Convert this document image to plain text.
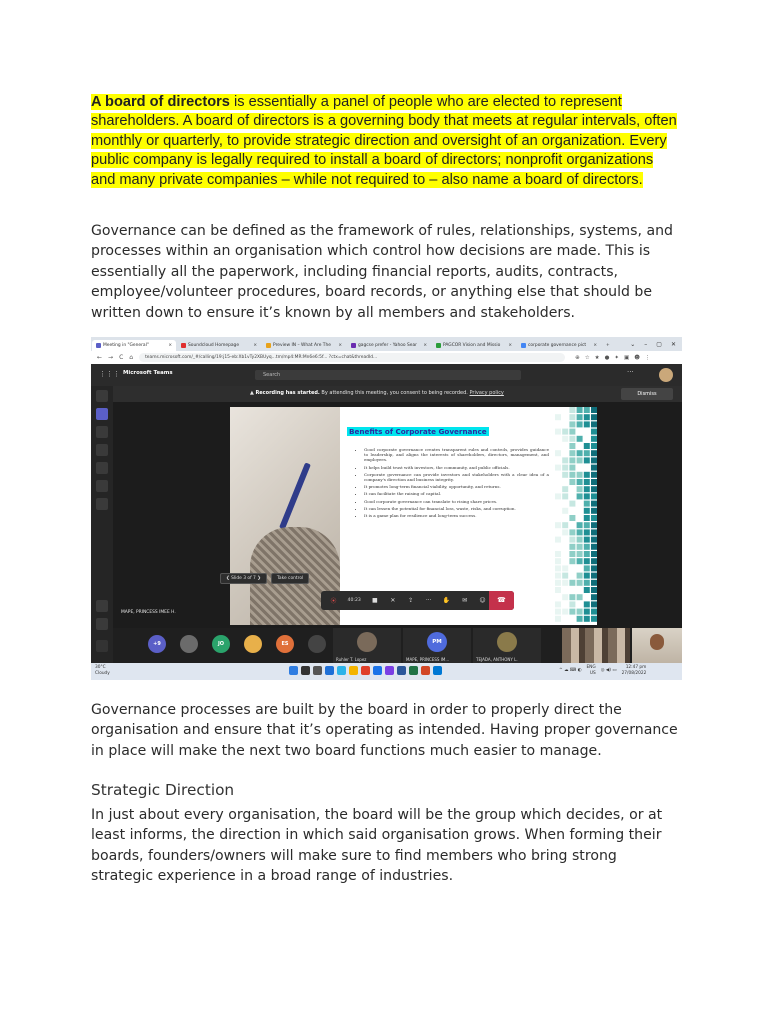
A board of directors is essentially a panel of people who are elected to represent shareholders. A board of directors is a governing body that meets at regular intervals, often monthly or quarterly, to provide strategic direction and oversight of an organization. Every public company is legally required to install a board of directors; nonprofit organizations and many private companies – while not required to – also name a board of directors.
Governance can be defined as the framework of rules, relationships, systems, and processes within an organisation which control how decisions are made. This is essentially all the paperwork, including financial reports, audits, contracts, employee/volunteer procedures, board records, or anything else that should be written down to ensure it’s known by all members and stakeholders.
Meeting in "General"	×	Soundcloud Homepage	×	Preview IN – What Are The	×	gagcse prefer - Yahoo Sear ×	PAGCOR Vision and Missio	×	corporate governance pict	× +	⌄ – ▢ ✕
← → C ⌂	teams.microsoft.com/_#/calling/19:j15-eb:Xb1vTy2XBUyq...tm/mp4:MR:Mn6e6:5f... ?ctx=chat&threadId...	⊕ ☆ ★ ● ✦ ▣ ☻ ⋮
⋮⋮⋮ Microsoft Teams	Search	···
▲ Recording has started. By attending this meeting, you consent to being recorded. Privacy policy	Dismiss
Benefits of Corporate Governance
• Good corporate governance creates transparent rules and controls, provides guidance to leadership, and aligns the interests of shareholders, directors, management, and employees.
• It helps build trust with investors, the community, and public officials.
• Corporate governance can provide investors and stakeholders with a clear idea of a company's direction and business integrity.
• It promotes long-term financial viability, opportunity, and returns.
• It can facilitate the raising of capital.
• Good corporate governance can translate to rising share prices.
• It can lessen the potential for financial loss, waste, risks, and corruption.
• It is a game plan for resilience and long-term success.
❮ Slide 3 of 7 ❯	Take control
MAPE, PRINCESS IMEE H.
⦿	40:23	■	✕	⇪	···	✋	✉	☺	☎
+9	JO	ES
Ruhler T. Lopez
PM
MAPE, PRINCESS IM...	TEJADA, ANTHONY L.
30°C
Cloudy
^ ☁ ⌨ ◐
ENG
US
◎ ◀) ▭
12:47 pm
27/08/2022
Governance processes are built by the board in order to properly direct the organisation and ensure that it’s operating as intended. Having proper governance in place will make the next two board functions much easier to manage.
Strategic Direction
In just about every organisation, the board will be the group which decides, or at least informs, the direction in which said organisation grows. When forming their boards, founders/owners will make sure to find members who bring strong strategic experience in a broad range of industries.
